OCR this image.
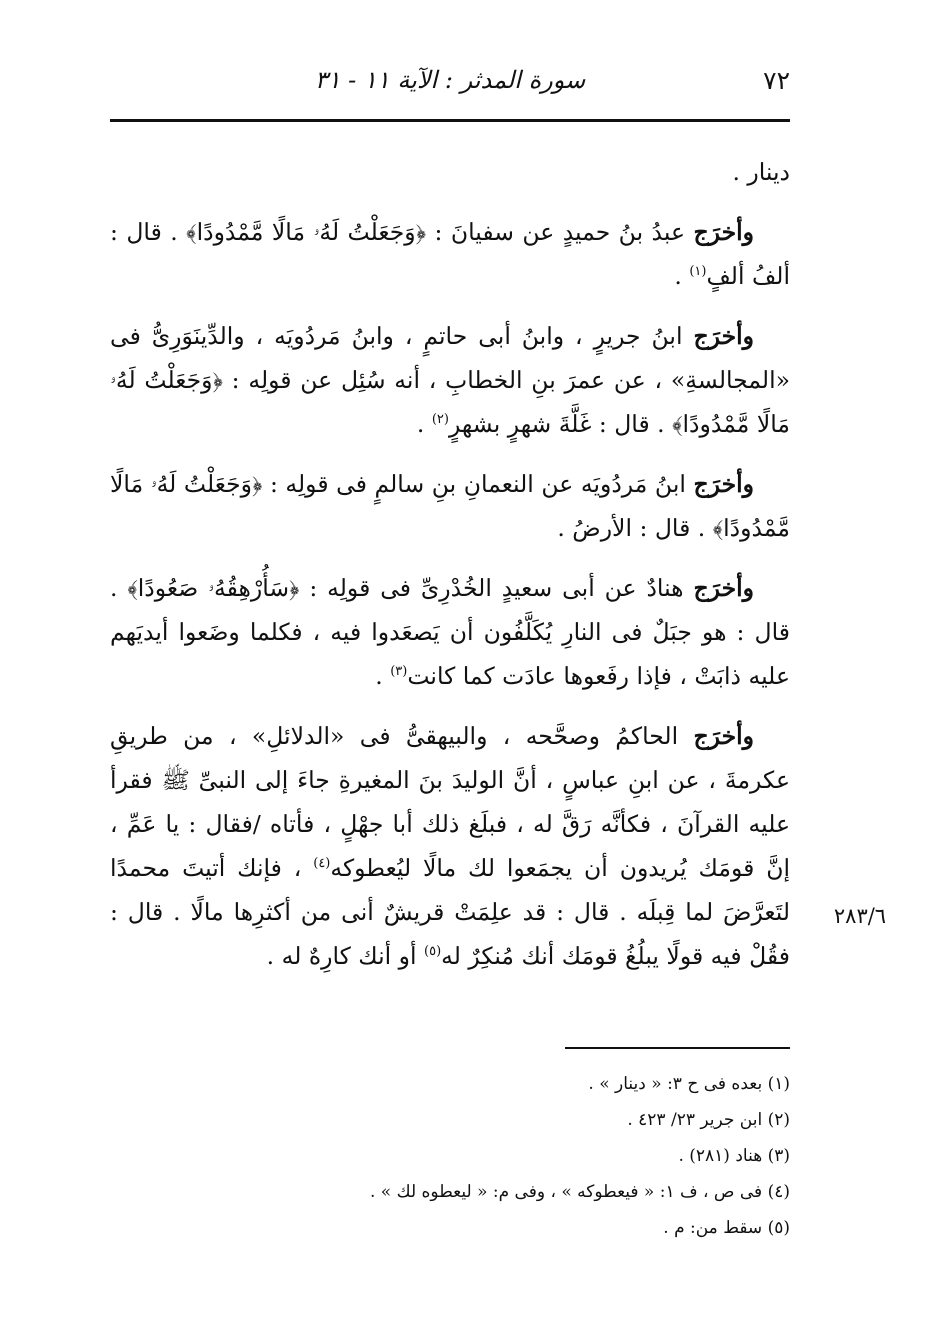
٧٢
سورة المدثر : الآية ١١ - ٣١

دينار .

وأخرَج عبدُ بنُ حميدٍ عن سفيانَ : ﴿وَجَعَلْتُ لَهُۥ مَالًا مَّمْدُودًا﴾ . قال : ألفُ ألفٍ$^{(١)}$ .

وأخرَج ابنُ جريرٍ ، وابنُ أبى حاتمٍ ، وابنُ مَردُويَه ، والدِّينَوَرِىُّ فى «المجالسةِ» ، عن عمرَ بنِ الخطابِ ، أنه سُئِل عن قولِه : ﴿وَجَعَلْتُ لَهُۥ مَالًا مَّمْدُودًا﴾ . قال : غَلَّةَ شهرٍ بشهرٍ$^{(٢)}$ .

وأخرَج ابنُ مَردُويَه عن النعمانِ بنِ سالمٍ فى قولِه : ﴿وَجَعَلْتُ لَهُۥ مَالًا مَّمْدُودًا﴾ . قال : الأرضُ .

وأخرَج هنادٌ عن أبى سعيدٍ الخُدْرِىِّ فى قولِه : ﴿سَأُرْهِقُهُۥ صَعُودًا﴾ . قال : هو جبَلٌ فى النارِ يُكَلَّفُون أن يَصعَدوا فيه ، فكلما وضَعوا أيديَهم عليه ذابَتْ ، فإذا رفَعوها عادَت كما كانت$^{(٣)}$ .

وأخرَج الحاكمُ وصحَّحه ، والبيهقىُّ فى «الدلائلِ» ، من طريقِ عكرمةَ ، عن ابنِ عباسٍ ، أنَّ الوليدَ بنَ المغيرةِ جاءَ إلى النبىِّ ﷺ فقرأ عليه القرآنَ ، فكأنَّه رَقَّ له ، فبلَغ ذلك أبا جهْلٍ ، فأتاه /فقال : يا عَمِّ ، إنَّ قومَك يُريدون أن يجمَعوا لك مالًا ليُعطوكه$^{(٤)}$ ، فإنك أتيتَ محمدًا لتَعرَّضَ لما قِبلَه . قال : قد علِمَتْ قريشٌ أنى من أكثرِها مالًا . قال : فقُلْ فيه قولًا يبلُغُ قومَك أنك مُنكِرٌ له$^{(٥)}$ أو أنك كارِهٌ له .

٢٨٣/٦

(١) بعده فى ح ٣: « دينار » .

(٢) ابن جرير ٢٣/ ٤٢٣ .

(٣) هناد (٢٨١) .

(٤) فى ص ، ف ١: « فيعطوكه » ، وفى م: « ليعطوه لك » .

(٥) سقط من: م .
